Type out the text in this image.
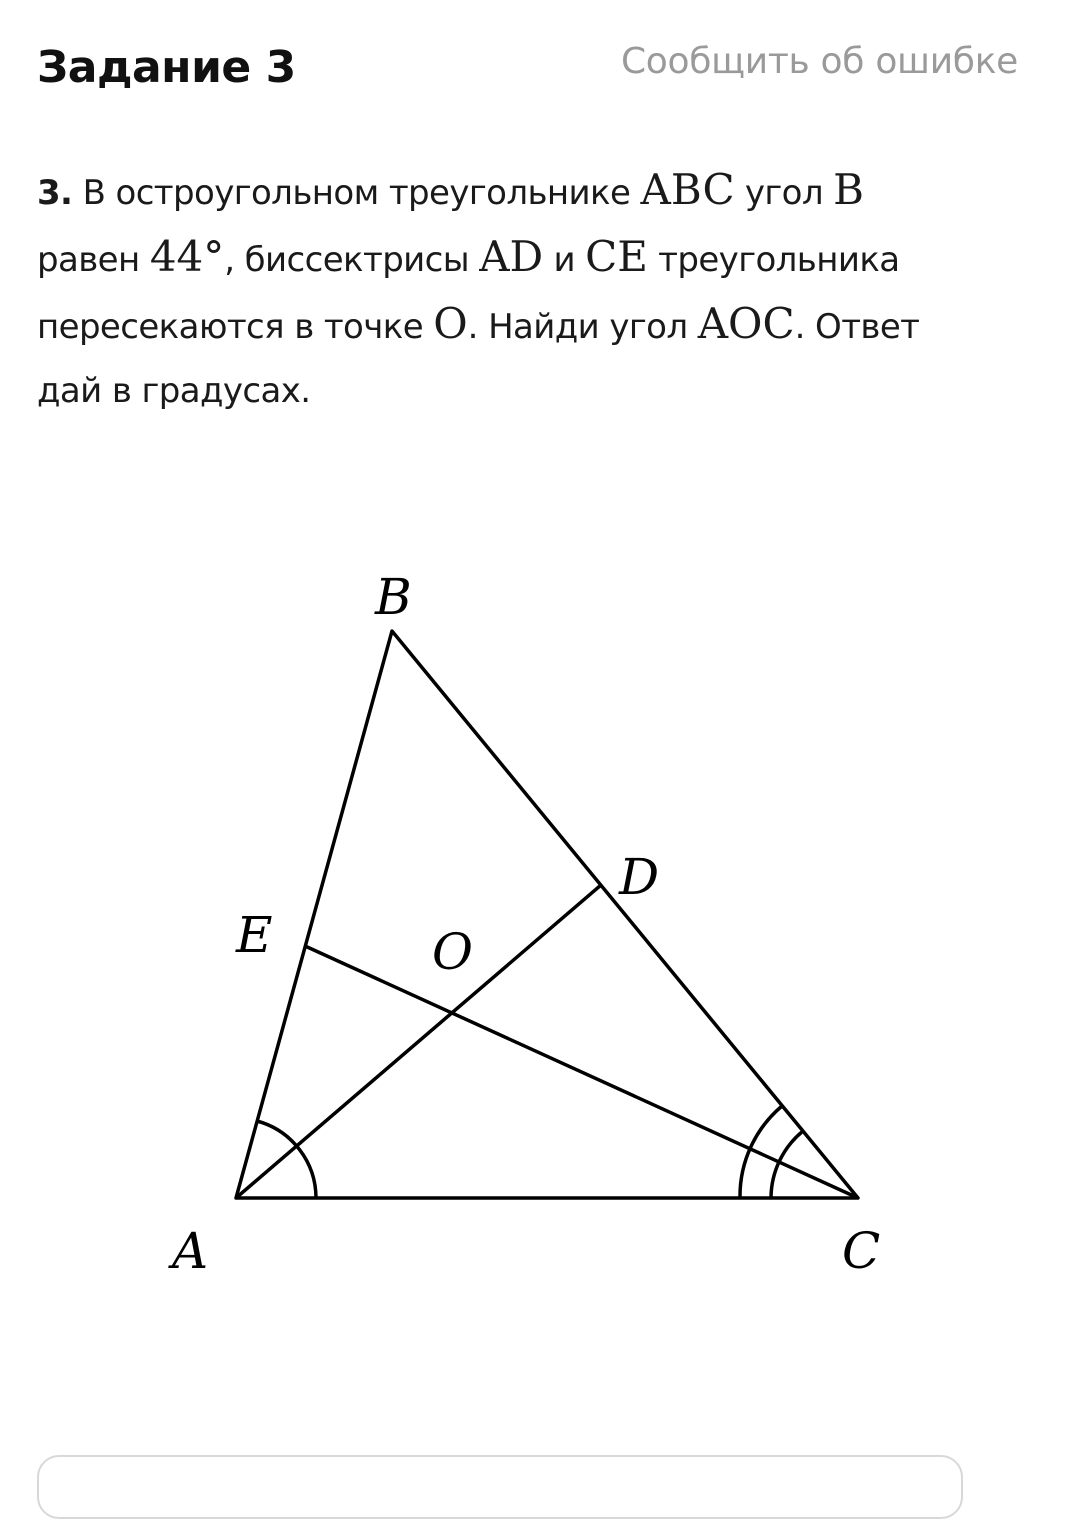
Задание 3	Сообщить об ошибке
3. В остроугольном треугольнике ABC угол B
равен 44°, биссектрисы AD и CE треугольника
пересекаются в точке O. Найди угол AOC. Ответ
дай в градусах.
B
D
E	O
A	C
